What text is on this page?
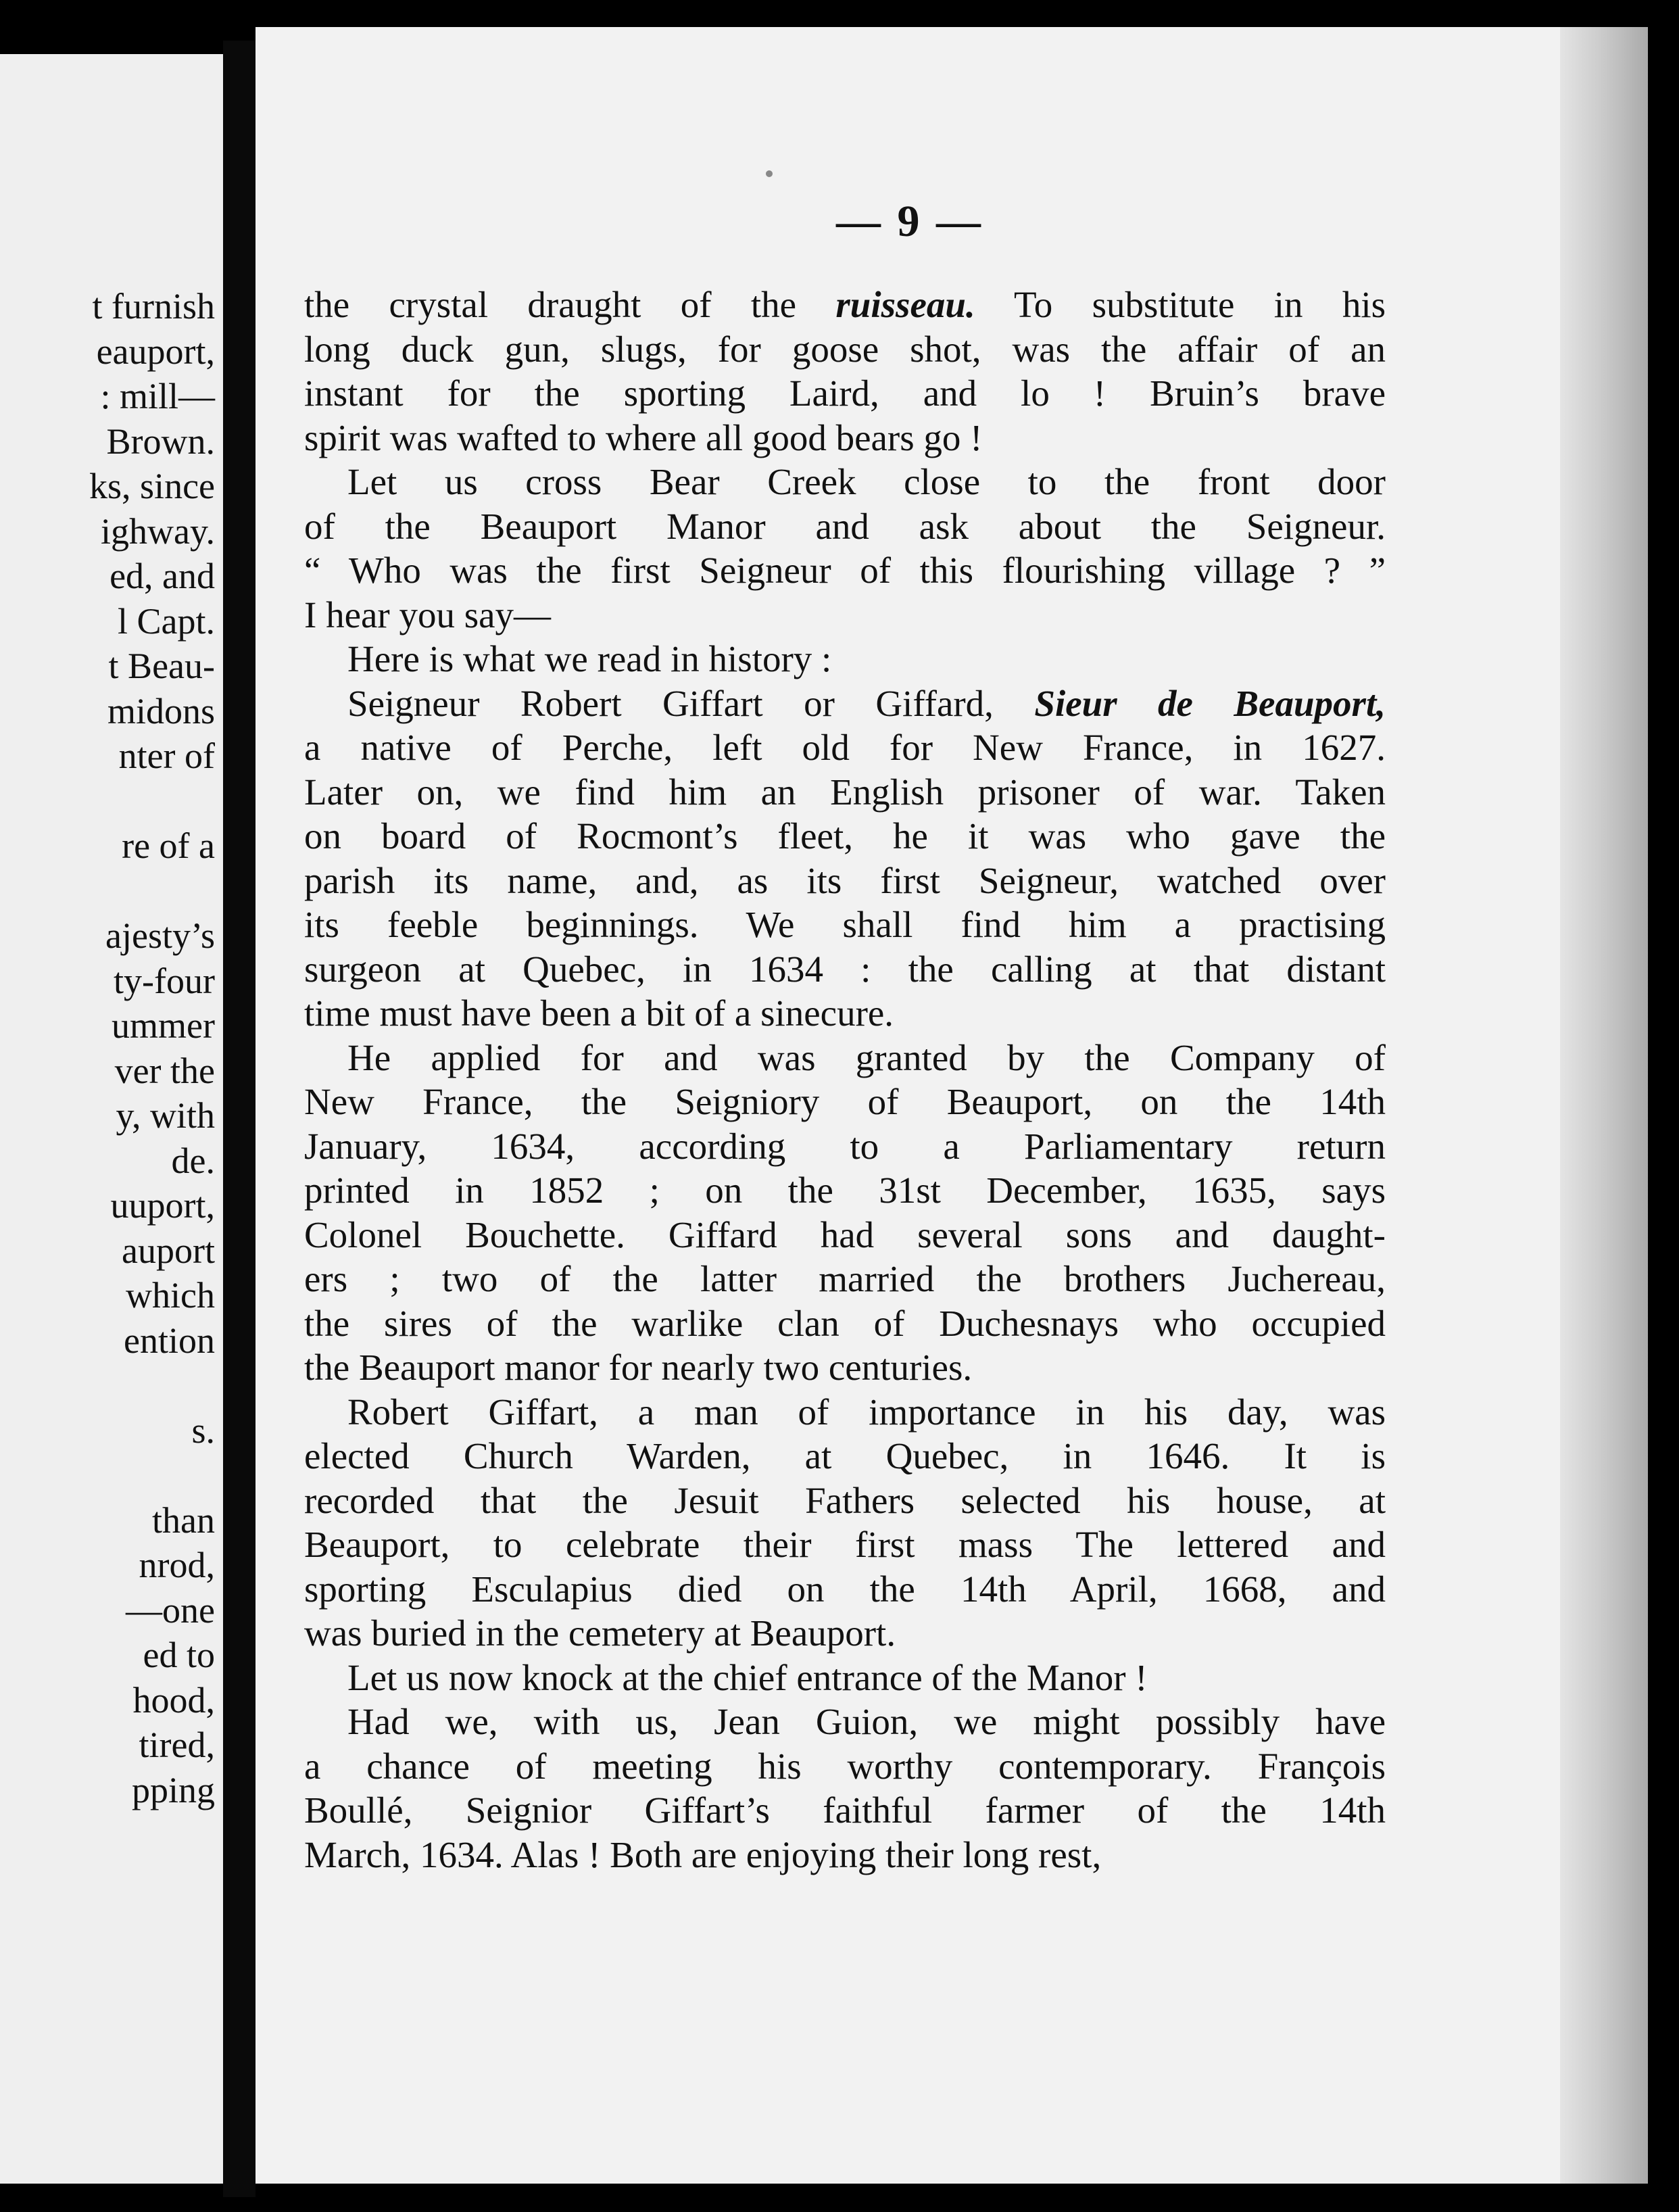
t furnish
eauport,
: mill—
Brown.
ks, since
ighway.
ed, and
l Capt.
t Beau-
midons
nter of
re of a
ajesty’s
ty-four
ummer
ver the
y, with
de.
uuport,
auport
which
ention
s.
than
nrod,
—one
ed to
hood,
tired,
pping
— 9 —

the crystal draught of the ruisseau. To substitute in his
long duck gun, slugs, for goose shot, was the affair of an
instant for the sporting Laird, and lo ! Bruin’s brave
spirit was wafted to where all good bears go !

Let us cross Bear Creek close to the front door
of the Beauport Manor and ask about the Seigneur.
“ Who was the first Seigneur of this flourishing village ? ”
I hear you say—

Here is what we read in history :

Seigneur Robert Giffart or Giffard, Sieur de Beauport,
a native of Perche, left old for New France, in 1627.
Later on, we find him an English prisoner of war. Taken
on board of Rocmont’s fleet, he it was who gave the
parish its name, and, as its first Seigneur, watched over
its feeble beginnings. We shall find him a practising
surgeon at Quebec, in 1634 : the calling at that distant
time must have been a bit of a sinecure.

He applied for and was granted by the Company of
New France, the Seigniory of Beauport, on the 14th
January, 1634, according to a Parliamentary return
printed in 1852 ; on the 31st December, 1635, says
Colonel Bouchette. Giffard had several sons and daught-
ers ; two of the latter married the brothers Juchereau,
the sires of the warlike clan of Duchesnays who occupied
the Beauport manor for nearly two centuries.

Robert Giffart, a man of importance in his day, was
elected Church Warden, at Quebec, in 1646. It is
recorded that the Jesuit Fathers selected his house, at
Beauport, to celebrate their first mass The lettered and
sporting Esculapius died on the 14th April, 1668, and
was buried in the cemetery at Beauport.

Let us now knock at the chief entrance of the Manor !

Had we, with us, Jean Guion, we might possibly have
a chance of meeting his worthy contemporary. François
Boullé, Seignior Giffart’s faithful farmer of the 14th
March, 1634. Alas ! Both are enjoying their long rest,
